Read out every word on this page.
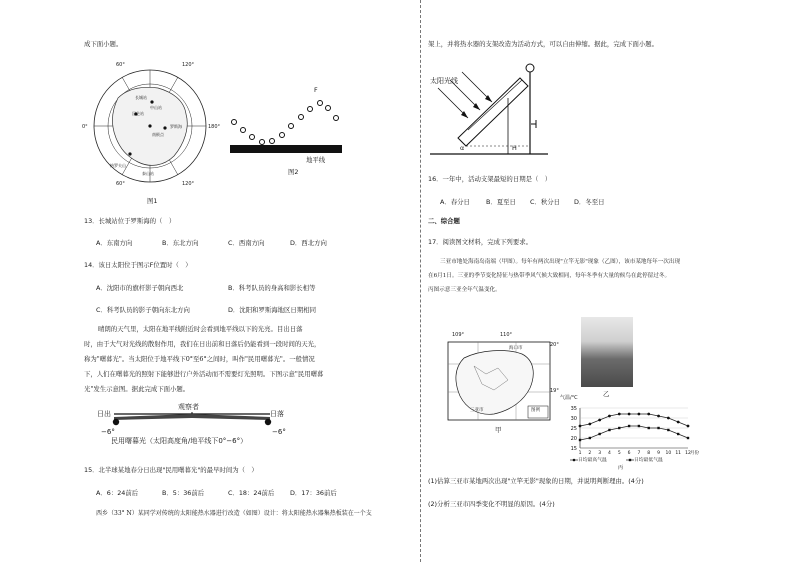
成下面小题。
60°	120°
0°	180°
60°	120°
长城站
中山站
昆仑站
罗斯海
格罗夫山
泰山站
南极点
图1
F
地平线
图2
13．长城站位于罗斯海的（　）
A．东南方向	B．东北方向	C．西南方向	D．西北方向
14．该日太阳位于图示F位置时（　）
A．沈阳市的旗杆影子朝向西北	B．科考队员的身高和影长相等
C．科考队员的影子朝向东北方向	D．沈阳和罗斯海地区日期相同
晴朗的天气里，太阳在地平线附近时会看到地平线以下的光亮。目出日落
时，由于大气对光线的散射作用，我们在日出前和日落后仍能看到一段时间的天光，
称为"曙暮光"。当太阳位于地平线下0°至6°之间时，叫作"民用曙暮光"。一般情况
下，人们在曙暮光的照射下能够进行户外活动而不需要灯光照明。下图示意"民用曙暮
光"发生示意图。据此完成下面小题。
观察者
日出	日落
−6°	−6°
民用曙暮光（太阳高度角/地平线下0°−6°）
15．北半球某地春分日出现"民用曙暮光"的最早时间为（　）
A．6：24前后	B．5：36前后	C．18：24前后 D．17：36前后
西乡（33° N）某同学对传统的太阳能热水器进行改造（如图）设计：将太阳能热水器集热板装在一个支
架上，并将热水器的支架改造为活动方式，可以自由伸缩。据此，完成下面小题。
太阳光线
α	H
16．一年中，活动支架最短的日期是（　）
A．春分日	B．夏至日 C．秋分日 D．冬至日
二、综合题
17．阅读图文材料，完成下列要求。
三亚市地处海南岛南端（甲图）。每年有两次出现"立竿无影"现象（乙图），该市某地每年一次出现
在6月1日。三亚的季节变化特征与热带季风气候大致相同，每年冬季有大量的候鸟在此停留过冬。
丙图示意三亚全年气温变化。
109°	110°
20°
19°
海口市
三亚市	图例
甲
乙
15
20
25
30
35
1 2 3 4 5 6 7 8 9 10 11 12 月份
气温/°C
日均最高气温	日均最低气温
丙
(1)估算三亚市某地两次出现"立竿无影"现象的日期，并说明判断理由。(4分)
(2)分析三亚市四季变化不明显的原因。(4分)
